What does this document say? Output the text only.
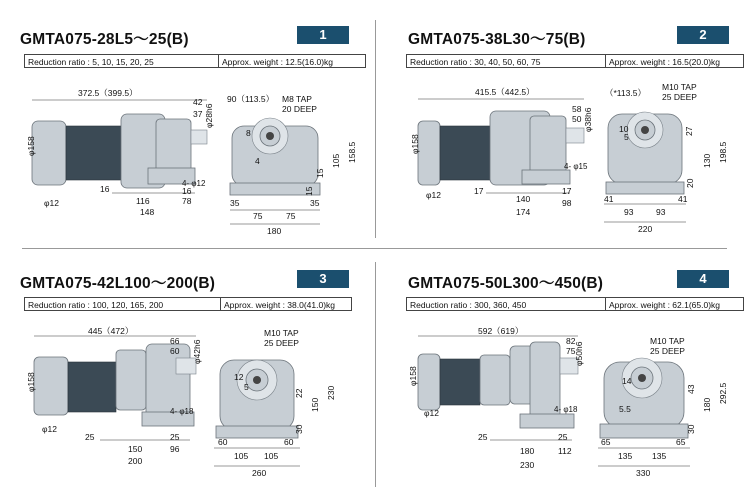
GMTA075-28L5～25(B)	1
Reduction ratio : 5, 10, 15, 20, 25	Approx. weight : 12.5(16.0)kg
372.5（399.5）
42
37 φ28h6
φ158
φ12
4- φ12
16
116
148
16
78
90（113.5） M8 TAP
20 DEEP
8
4
15
105 158.5
15
35
75	75
35
180
GMTA075-38L30～75(B)	2
Reduction ratio : 30, 40, 50, 60, 75	Approx. weight : 16.5(20.0)kg
415.5（442.5）
58
50 φ38h6
φ158
φ12
4- φ15
17
140
174
17
98
（*113.5）
M10 TAP
25 DEEP
10
5
27
130 198.5
20
41
93	93
41
220
GMTA075-42L100～200(B)	3
Reduction ratio : 100, 120, 165, 200	Approx. weight : 38.0(41.0)kg
445（472）
66
60 φ42h6
φ158
φ12
4- φ18
25
150
200
25
96
M10 TAP
25 DEEP
12
5
22
150
230
30
60
105 105
60
260
GMTA075-50L300～450(B)	4
Reduction ratio : 300, 360, 450	Approx. weight : 62.1(65.0)kg
592（619）
82
75
φ50h6
φ158
φ12	4- φ18
25
180
230
25
112
M10 TAP
25 DEEP
14
5.5
43
180
292.5
30
65
135 135
65
330
